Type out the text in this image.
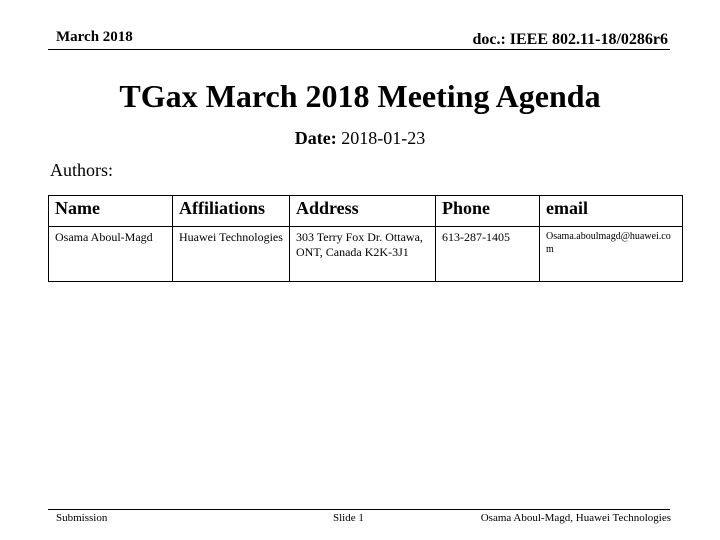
March 2018	doc.: IEEE 802.11-18/0286r6
TGax March 2018 Meeting Agenda
Date: 2018-01-23
Authors:
Name	Affiliations	Address	Phone	email
Osama Aboul-Magd	Huawei Technologies	303 Terry Fox Dr. Ottawa, ONT, Canada K2K-3J1	613-287-1405	Osama.aboulmagd@huawei.com
Submission	Slide 1	Osama Aboul-Magd, Huawei Technologies
